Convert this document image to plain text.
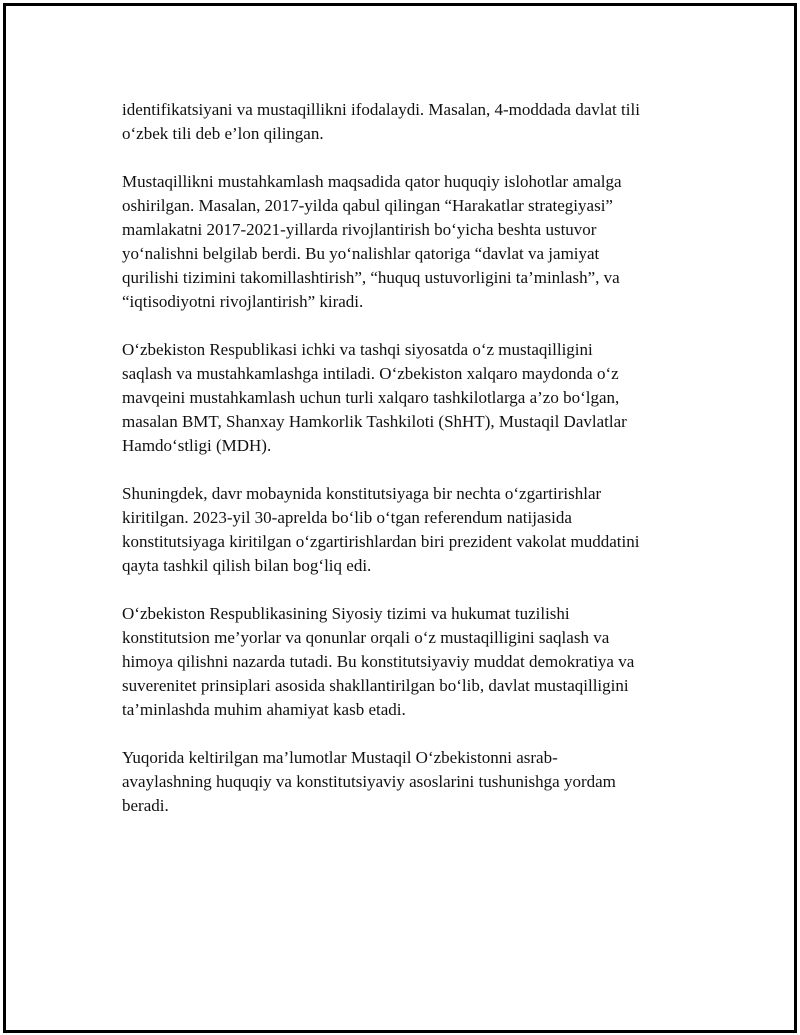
identifikatsiyani va mustaqillikni ifodalaydi. Masalan, 4-moddada davlat tili
o‘zbek tili deb e’lon qilingan.

Mustaqillikni mustahkamlash maqsadida qator huquqiy islohotlar amalga
oshirilgan. Masalan, 2017-yilda qabul qilingan “Harakatlar strategiyasi”
mamlakatni 2017-2021-yillarda rivojlantirish bo‘yicha beshta ustuvor
yo‘nalishni belgilab berdi. Bu yo‘nalishlar qatoriga “davlat va jamiyat
qurilishi tizimini takomillashtirish”, “huquq ustuvorligini ta’minlash”, va
“iqtisodiyotni rivojlantirish” kiradi.

O‘zbekiston Respublikasi ichki va tashqi siyosatda o‘z mustaqilligini
saqlash va mustahkamlashga intiladi. O‘zbekiston xalqaro maydonda o‘z
mavqeini mustahkamlash uchun turli xalqaro tashkilotlarga a’zo bo‘lgan,
masalan BMT, Shanxay Hamkorlik Tashkiloti (ShHT), Mustaqil Davlatlar
Hamdo‘stligi (MDH).

Shuningdek, davr mobaynida konstitutsiyaga bir nechta o‘zgartirishlar
kiritilgan. 2023-yil 30-aprelda bo‘lib o‘tgan referendum natijasida
konstitutsiyaga kiritilgan o‘zgartirishlardan biri prezident vakolat muddatini
qayta tashkil qilish bilan bog‘liq edi.

O‘zbekiston Respublikasining Siyosiy tizimi va hukumat tuzilishi
konstitutsion me’yorlar va qonunlar orqali o‘z mustaqilligini saqlash va
himoya qilishni nazarda tutadi. Bu konstitutsiyaviy muddat demokratiya va
suverenitet prinsiplari asosida shakllantirilgan bo‘lib, davlat mustaqilligini
ta’minlashda muhim ahamiyat kasb etadi.

Yuqorida keltirilgan ma’lumotlar Mustaqil O‘zbekistonni asrab-
avaylashning huquqiy va konstitutsiyaviy asoslarini tushunishga yordam
beradi.
